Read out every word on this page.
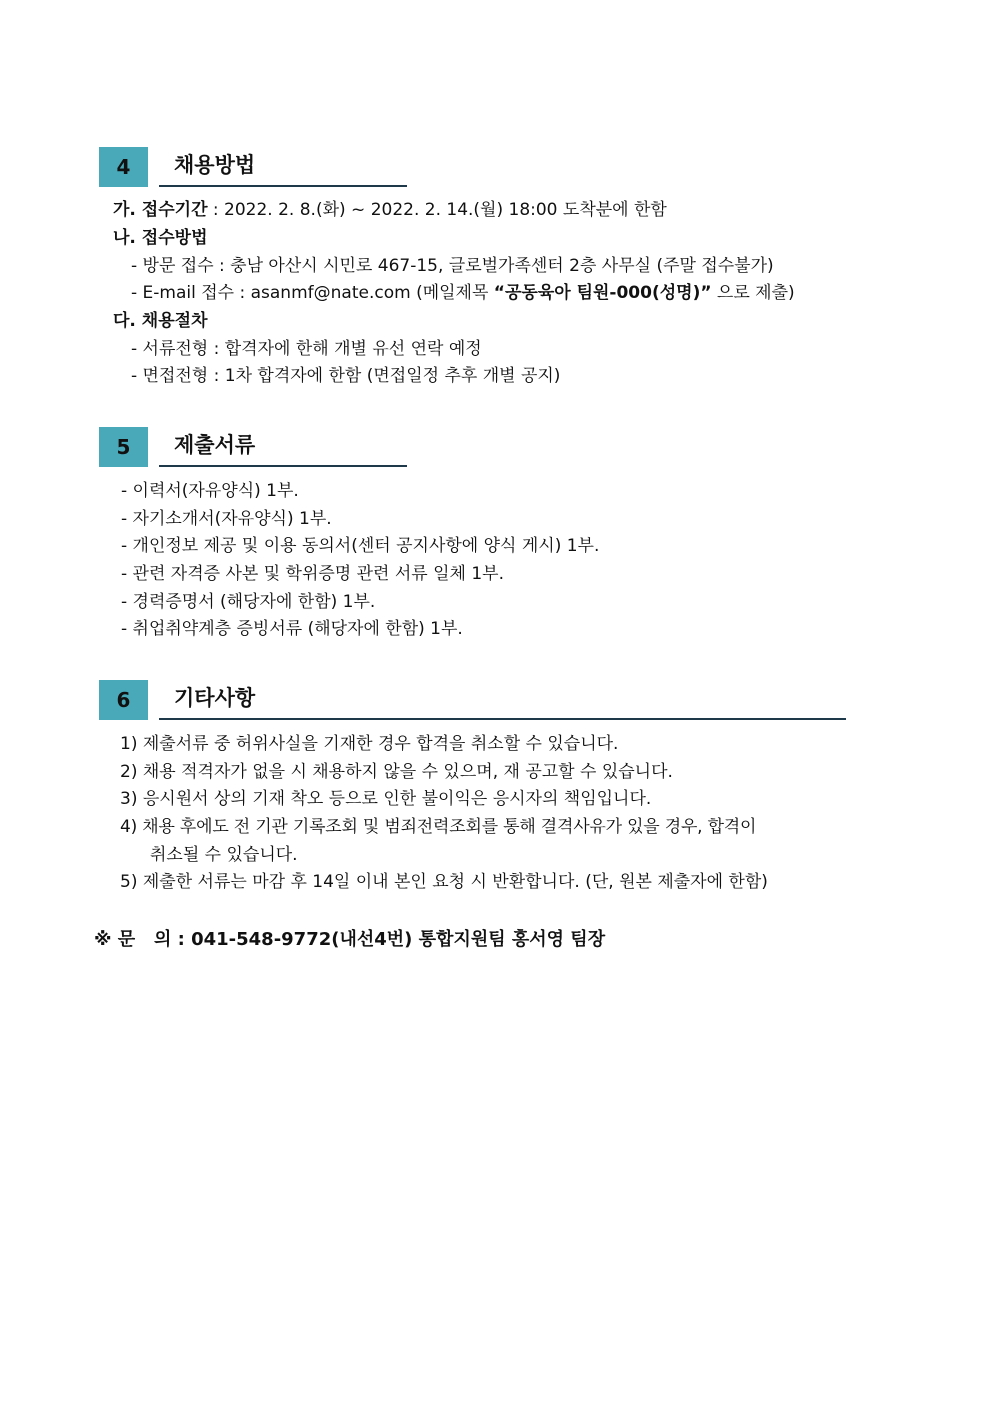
4	채용방법
가. 접수기간 : 2022. 2. 8.(화) ~ 2022. 2. 14.(월) 18:00 도착분에 한함
나. 접수방법
- 방문 접수 : 충남 아산시 시민로 467-15, 글로벌가족센터 2층 사무실 (주말 접수불가)
- E-mail 접수 : asanmf@nate.com (메일제목 “공동육아 팀원-000(성명)” 으로 제출)
다. 채용절차
- 서류전형 : 합격자에 한해 개별 유선 연락 예정
- 면접전형 : 1차 합격자에 한함 (면접일정 추후 개별 공지)
5	제출서류
- 이력서(자유양식) 1부.
- 자기소개서(자유양식) 1부.
- 개인정보 제공 및 이용 동의서(센터 공지사항에 양식 게시) 1부.
- 관련 자격증 사본 및 학위증명 관련 서류 일체 1부.
- 경력증명서 (해당자에 한함) 1부.
- 취업취약계층 증빙서류 (해당자에 한함) 1부.
6	기타사항
1) 제출서류 중 허위사실을 기재한 경우 합격을 취소할 수 있습니다.
2) 채용 적격자가 없을 시 채용하지 않을 수 있으며, 재 공고할 수 있습니다.
3) 응시원서 상의 기재 착오 등으로 인한 불이익은 응시자의 책임입니다.
4) 채용 후에도 전 기관 기록조회 및 범죄전력조회를 통해 결격사유가 있을 경우, 합격이
취소될 수 있습니다.
5) 제출한 서류는 마감 후 14일 이내 본인 요청 시 반환합니다. (단, 원본 제출자에 한함)
※ 문   의 : 041-548-9772(내선4번) 통합지원팀 홍서영 팀장
